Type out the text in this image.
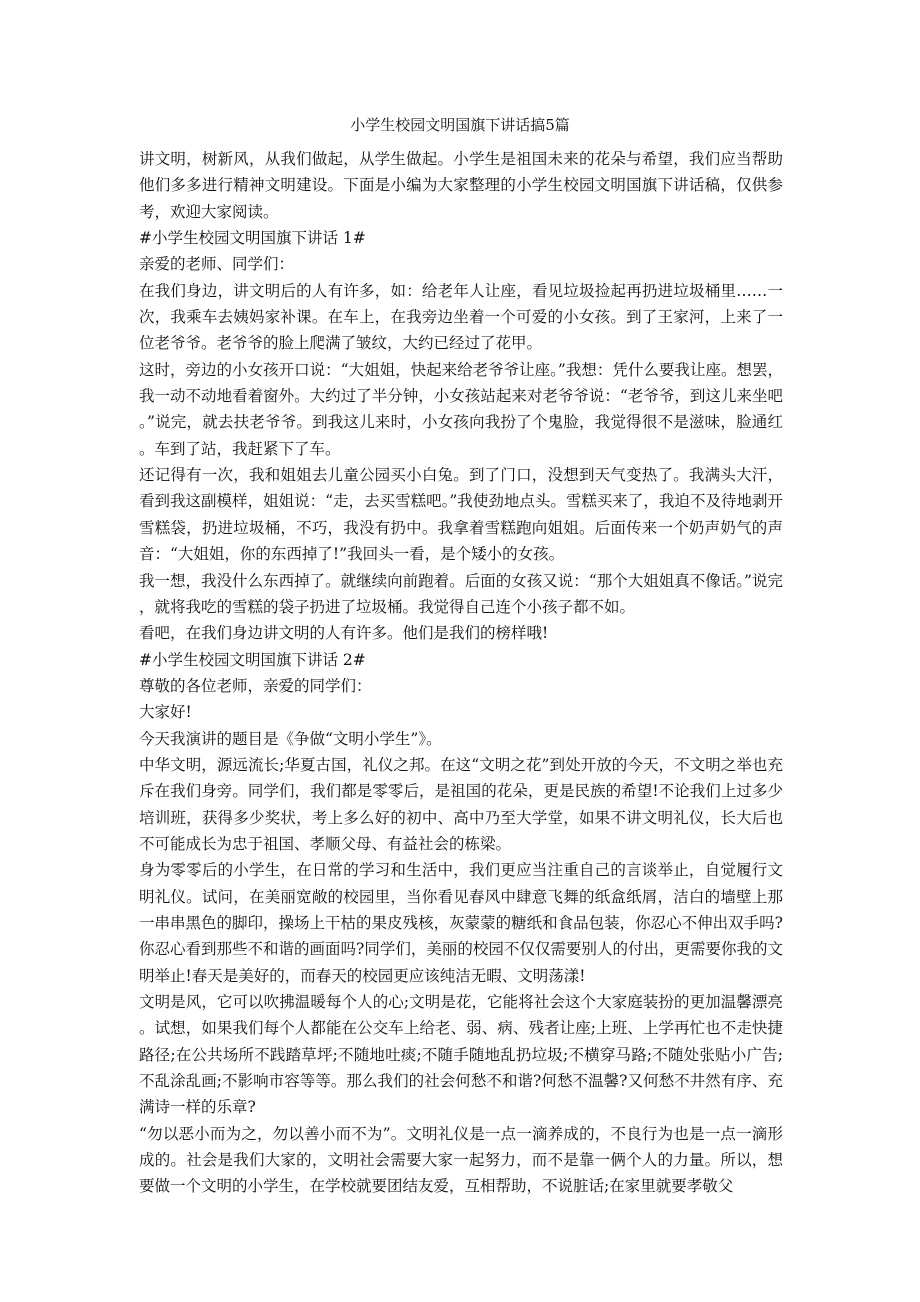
小学生校园文明国旗下讲话搞5篇

讲文明，树新风，从我们做起，从学生做起。小学生是祖国未来的花朵与希望，我们应当帮助他们多多进行精神文明建设。下面是小编为大家整理的小学生校园文明国旗下讲话稿，仅供参考，欢迎大家阅读。

#小学生校园文明国旗下讲话 1#

亲爱的老师、同学们：

在我们身边，讲文明后的人有许多，如：给老年人让座，看见垃圾捡起再扔进垃圾桶里……一次，我乘车去姨妈家补课。在车上，在我旁边坐着一个可爱的小女孩。到了王家河，上来了一位老爷爷。老爷爷的脸上爬满了皱纹，大约已经过了花甲。

这时，旁边的小女孩开口说：“大姐姐，快起来给老爷爷让座。”我想：凭什么要我让座。想罢，我一动不动地看着窗外。大约过了半分钟，小女孩站起来对老爷爷说：“老爷爷，到这儿来坐吧。”说完，就去扶老爷爷。到我这儿来时，小女孩向我扮了个鬼脸，我觉得很不是滋味，脸通红。车到了站，我赶紧下了车。

还记得有一次，我和姐姐去儿童公园买小白兔。到了门口，没想到天气变热了。我满头大汗，看到我这副模样，姐姐说：“走，去买雪糕吧。”我使劲地点头。雪糕买来了，我迫不及待地剥开雪糕袋，扔进垃圾桶，不巧，我没有扔中。我拿着雪糕跑向姐姐。后面传来一个奶声奶气的声音：“大姐姐，你的东西掉了!”我回头一看，是个矮小的女孩。

我一想，我没什么东西掉了。就继续向前跑着。后面的女孩又说：“那个大姐姐真不像话。”说完，就将我吃的雪糕的袋子扔进了垃圾桶。我觉得自己连个小孩子都不如。

看吧，在我们身边讲文明的人有许多。他们是我们的榜样哦!

#小学生校园文明国旗下讲话 2#

尊敬的各位老师，亲爱的同学们：

大家好!

今天我演讲的题目是《争做“文明小学生”》。

中华文明，源远流长;华夏古国，礼仪之邦。在这“文明之花”到处开放的今天，不文明之举也充斥在我们身旁。同学们，我们都是零零后，是祖国的花朵，更是民族的希望!不论我们上过多少培训班，获得多少奖状，考上多么好的初中、高中乃至大学堂，如果不讲文明礼仪，长大后也不可能成长为忠于祖国、孝顺父母、有益社会的栋梁。

身为零零后的小学生，在日常的学习和生活中，我们更应当注重自己的言谈举止，自觉履行文明礼仪。试问，在美丽宽敞的校园里，当你看见春风中肆意飞舞的纸盒纸屑，洁白的墙壁上那一串串黑色的脚印，操场上干枯的果皮残核，灰蒙蒙的糖纸和食品包装，你忍心不伸出双手吗?你忍心看到那些不和谐的画面吗?同学们，美丽的校园不仅仅需要别人的付出，更需要你我的文明举止!春天是美好的，而春天的校园更应该纯洁无暇、文明荡漾!

文明是风，它可以吹拂温暖每个人的心;文明是花，它能将社会这个大家庭装扮的更加温馨漂亮。试想，如果我们每个人都能在公交车上给老、弱、病、残者让座;上班、上学再忙也不走快捷路径;在公共场所不践踏草坪;不随地吐痰;不随手随地乱扔垃圾;不横穿马路;不随处张贴小广告;不乱涂乱画;不影响市容等等。那么我们的社会何愁不和谐?何愁不温馨?又何愁不井然有序、充满诗一样的乐章?

“勿以恶小而为之，勿以善小而不为”。文明礼仪是一点一滴养成的，不良行为也是一点一滴形成的。社会是我们大家的，文明社会需要大家一起努力，而不是靠一俩个人的力量。所以，想要做一个文明的小学生，在学校就要团结友爱，互相帮助，不说脏话;在家里就要孝敬父
